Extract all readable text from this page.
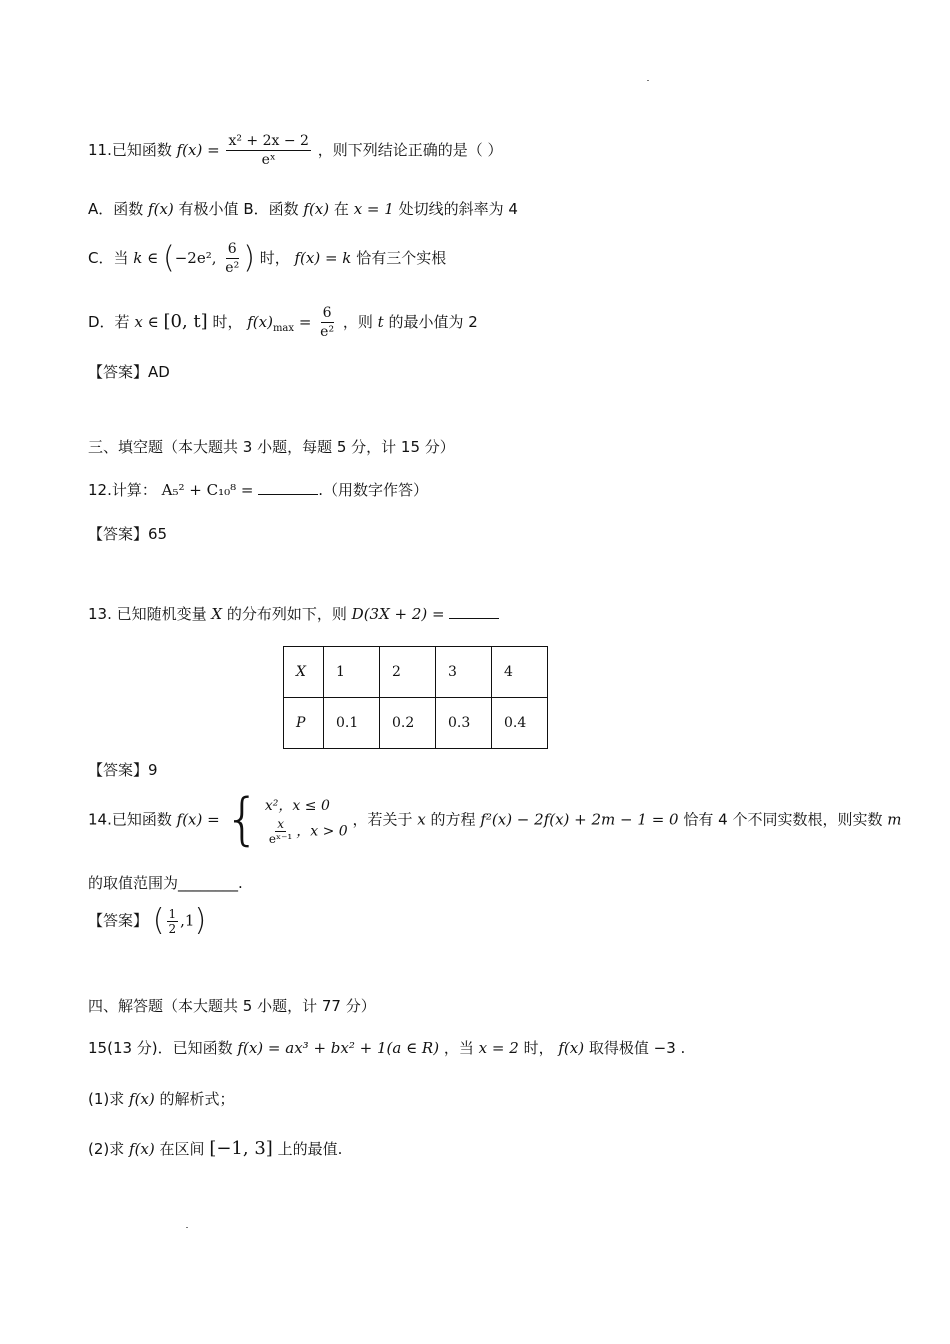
11.已知函数 $f(x) = \frac{\text{x² + 2x − 2}}{\text{eˣ}}$ ，则下列结论正确的是（ ）
A．函数 f(x) 有极小值 B．函数 f(x) 在 x = 1 处切线的斜率为 4
C．当 k ∈ (−2e², $\frac{6}{\text{e²}}$ ) 时， f(x) = k 恰有三个实根
D．若 x ∈ [0, t] 时， $f(x)_{max} = \frac{6}{\text{e²}}$ ，则 t 的最小值为 2
【答案】AD
三、填空题（本大题共 3 小题，每题 5 分，计 15 分）
12.计算： A₅² + C₁₀⁸ =	.（用数字作答）
【答案】65
13. 已知随机变量 X 的分布列如下，则 D(3X + 2) =
X	1	2	3	4
P	0.1	0.2	0.3	0.4
【答案】9
14.已知函数 f(x) = { x²，x ≤ 0
$\frac{x}{\text{eˣ⁻¹}}$ ，x > 0
，若关于 x 的方程 f²(x) − 2f(x) + 2m − 1 = 0 恰有 4 个不同实数根，则实数 m
的取值范围为________.
【答案】 ( $\frac{1}{2} ,1$)
四、解答题（本大题共 5 小题，计 77 分）
15(13 分)．已知函数 f(x) = ax³ + bx² + 1(a ∈ R) ，当 x = 2 时， f(x) 取得极值 −3 .
(1)求 f(x) 的解析式；
(2)求 f(x) 在区间 [−1, 3] 上的最值.
